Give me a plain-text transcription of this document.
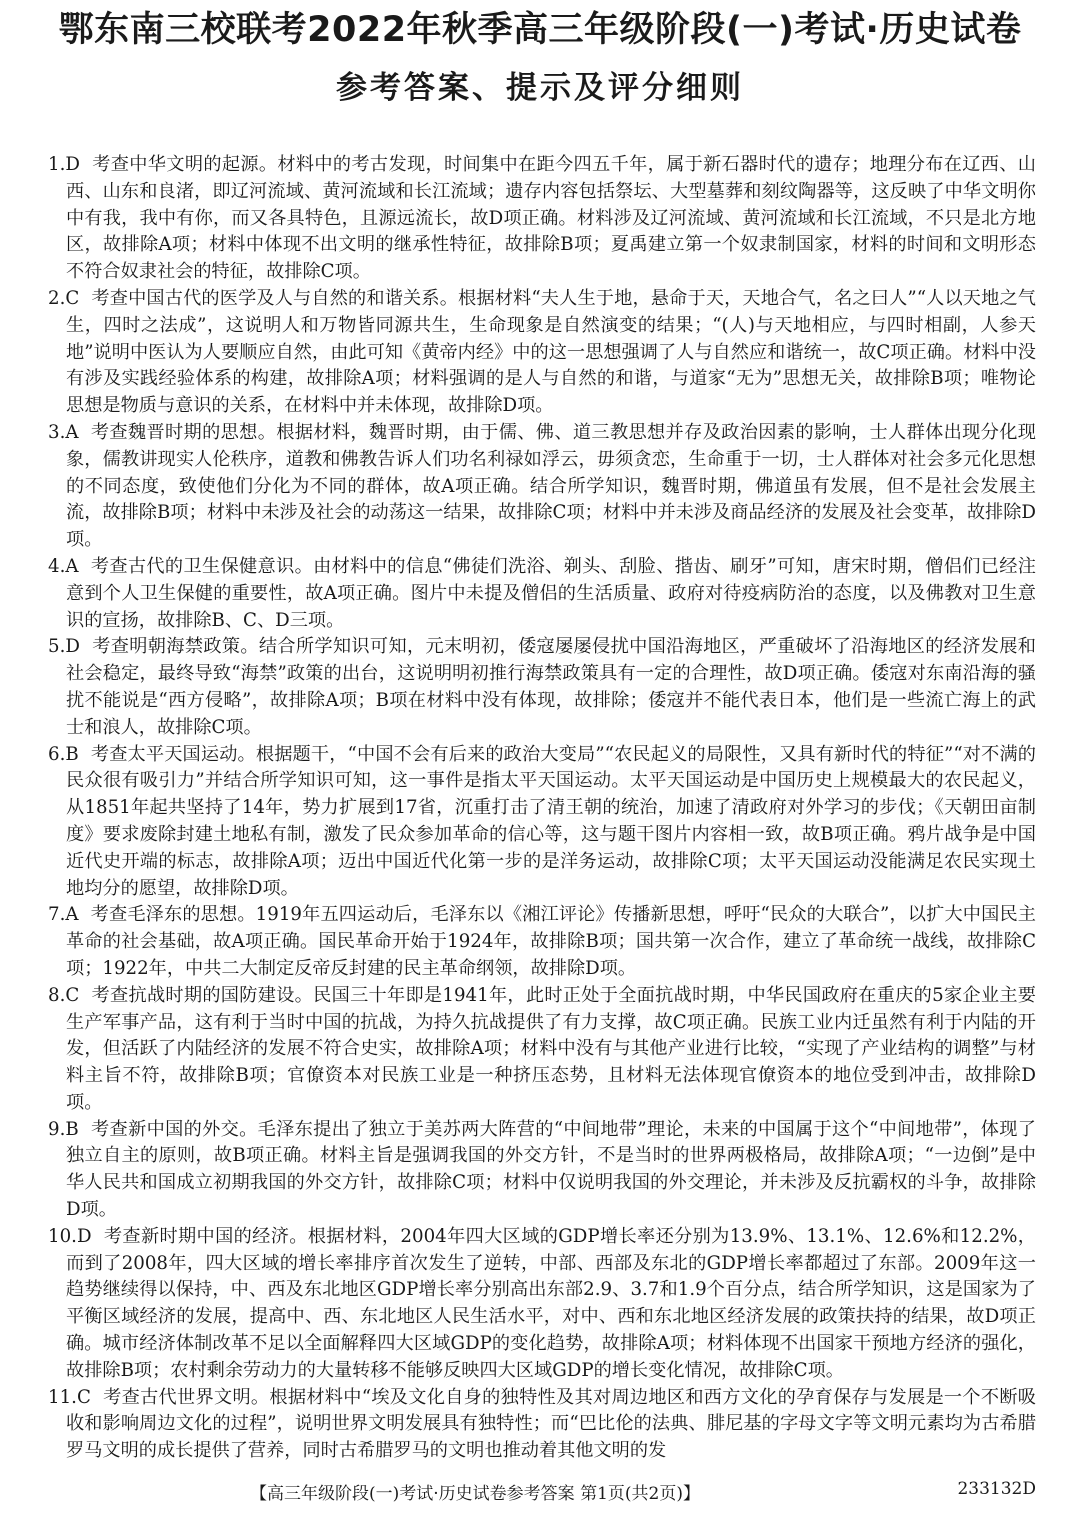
鄂东南三校联考2022年秋季高三年级阶段(一)考试·历史试卷
参考答案、提示及评分细则

1.D 考查中华文明的起源。材料中的考古发现，时间集中在距今四五千年，属于新石器时代的遗存；地理分布在辽西、山西、山东和良渚，即辽河流域、黄河流域和长江流域；遗存内容包括祭坛、大型墓葬和刻纹陶器等，这反映了中华文明你中有我，我中有你，而又各具特色，且源远流长，故D项正确。材料涉及辽河流域、黄河流域和长江流域，不只是北方地区，故排除A项；材料中体现不出文明的继承性特征，故排除B项；夏禹建立第一个奴隶制国家，材料的时间和文明形态不符合奴隶社会的特征，故排除C项。

2.C 考查中国古代的医学及人与自然的和谐关系。根据材料“夫人生于地，悬命于天，天地合气，名之曰人”“人以天地之气生，四时之法成”，这说明人和万物皆同源共生，生命现象是自然演变的结果；“(人)与天地相应，与四时相副，人参天地”说明中医认为人要顺应自然，由此可知《黄帝内经》中的这一思想强调了人与自然应和谐统一，故C项正确。材料中没有涉及实践经验体系的构建，故排除A项；材料强调的是人与自然的和谐，与道家“无为”思想无关，故排除B项；唯物论思想是物质与意识的关系，在材料中并未体现，故排除D项。

3.A 考查魏晋时期的思想。根据材料，魏晋时期，由于儒、佛、道三教思想并存及政治因素的影响，士人群体出现分化现象，儒教讲现实人伦秩序，道教和佛教告诉人们功名利禄如浮云，毋须贪恋，生命重于一切，士人群体对社会多元化思想的不同态度，致使他们分化为不同的群体，故A项正确。结合所学知识，魏晋时期，佛道虽有发展，但不是社会发展主流，故排除B项；材料中未涉及社会的动荡这一结果，故排除C项；材料中并未涉及商品经济的发展及社会变革，故排除D项。

4.A 考查古代的卫生保健意识。由材料中的信息“佛徒们洗浴、剃头、刮脸、揩齿、刷牙”可知，唐宋时期，僧侣们已经注意到个人卫生保健的重要性，故A项正确。图片中未提及僧侣的生活质量、政府对待疫病防治的态度，以及佛教对卫生意识的宣扬，故排除B、C、D三项。

5.D 考查明朝海禁政策。结合所学知识可知，元末明初，倭寇屡屡侵扰中国沿海地区，严重破坏了沿海地区的经济发展和社会稳定，最终导致“海禁”政策的出台，这说明明初推行海禁政策具有一定的合理性，故D项正确。倭寇对东南沿海的骚扰不能说是“西方侵略”，故排除A项；B项在材料中没有体现，故排除；倭寇并不能代表日本，他们是一些流亡海上的武士和浪人，故排除C项。

6.B 考查太平天国运动。根据题干，“中国不会有后来的政治大变局”“农民起义的局限性，又具有新时代的特征”“对不满的民众很有吸引力”并结合所学知识可知，这一事件是指太平天国运动。太平天国运动是中国历史上规模最大的农民起义，从1851年起共坚持了14年，势力扩展到17省，沉重打击了清王朝的统治，加速了清政府对外学习的步伐；《天朝田亩制度》要求废除封建土地私有制，激发了民众参加革命的信心等，这与题干图片内容相一致，故B项正确。鸦片战争是中国近代史开端的标志，故排除A项；迈出中国近代化第一步的是洋务运动，故排除C项；太平天国运动没能满足农民实现土地均分的愿望，故排除D项。

7.A 考查毛泽东的思想。1919年五四运动后，毛泽东以《湘江评论》传播新思想，呼吁“民众的大联合”，以扩大中国民主革命的社会基础，故A项正确。国民革命开始于1924年，故排除B项；国共第一次合作，建立了革命统一战线，故排除C项；1922年，中共二大制定反帝反封建的民主革命纲领，故排除D项。

8.C 考查抗战时期的国防建设。民国三十年即是1941年，此时正处于全面抗战时期，中华民国政府在重庆的5家企业主要生产军事产品，这有利于当时中国的抗战，为持久抗战提供了有力支撑，故C项正确。民族工业内迁虽然有利于内陆的开发，但活跃了内陆经济的发展不符合史实，故排除A项；材料中没有与其他产业进行比较，“实现了产业结构的调整”与材料主旨不符，故排除B项；官僚资本对民族工业是一种挤压态势，且材料无法体现官僚资本的地位受到冲击，故排除D项。

9.B 考查新中国的外交。毛泽东提出了独立于美苏两大阵营的“中间地带”理论，未来的中国属于这个“中间地带”，体现了独立自主的原则，故B项正确。材料主旨是强调我国的外交方针，不是当时的世界两极格局，故排除A项；“一边倒”是中华人民共和国成立初期我国的外交方针，故排除C项；材料中仅说明我国的外交理论，并未涉及反抗霸权的斗争，故排除D项。

10.D 考查新时期中国的经济。根据材料，2004年四大区域的GDP增长率还分别为13.9%、13.1%、12.6%和12.2%，而到了2008年，四大区域的增长率排序首次发生了逆转，中部、西部及东北的GDP增长率都超过了东部。2009年这一趋势继续得以保持，中、西及东北地区GDP增长率分别高出东部2.9、3.7和1.9个百分点，结合所学知识，这是国家为了平衡区域经济的发展，提高中、西、东北地区人民生活水平，对中、西和东北地区经济发展的政策扶持的结果，故D项正确。城市经济体制改革不足以全面解释四大区域GDP的变化趋势，故排除A项；材料体现不出国家干预地方经济的强化，故排除B项；农村剩余劳动力的大量转移不能够反映四大区域GDP的增长变化情况，故排除C项。

11.C 考查古代世界文明。根据材料中“埃及文化自身的独特性及其对周边地区和西方文化的孕育保存与发展是一个不断吸收和影响周边文化的过程”，说明世界文明发展具有独特性；而“巴比伦的法典、腓尼基的字母文字等文明元素均为古希腊罗马文明的成长提供了营养，同时古希腊罗马的文明也推动着其他文明的发

【高三年级阶段(一)考试·历史试卷参考答案 第1页(共2页)】	233132D
